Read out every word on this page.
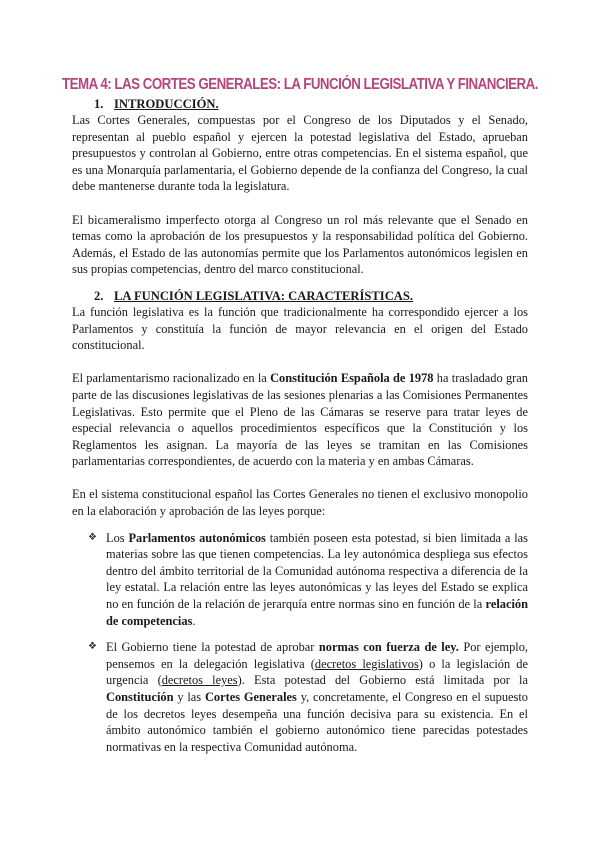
TEMA 4: LAS CORTES GENERALES: LA FUNCIÓN LEGISLATIVA Y FINANCIERA.
1. INTRODUCCIÓN.

Las Cortes Generales, compuestas por el Congreso de los Diputados y el Senado, representan al pueblo español y ejercen la potestad legislativa del Estado, aprueban presupuestos y controlan al Gobierno, entre otras competencias. En el sistema español, que es una Monarquía parlamentaria, el Gobierno depende de la confianza del Congreso, la cual debe mantenerse durante toda la legislatura.

El bicameralismo imperfecto otorga al Congreso un rol más relevante que el Senado en temas como la aprobación de los presupuestos y la responsabilidad política del Gobierno. Además, el Estado de las autonomías permite que los Parlamentos autonómicos legislen en sus propias competencias, dentro del marco constitucional.

2. LA FUNCIÓN LEGISLATIVA: CARACTERÍSTICAS.

La función legislativa es la función que tradicionalmente ha correspondido ejercer a los Parlamentos y constituía la función de mayor relevancia en el origen del Estado constitucional.

El parlamentarismo racionalizado en la Constitución Española de 1978 ha trasladado gran parte de las discusiones legislativas de las sesiones plenarias a las Comisiones Permanentes Legislativas. Esto permite que el Pleno de las Cámaras se reserve para tratar leyes de especial relevancia o aquellos procedimientos específicos que la Constitución y los Reglamentos les asignan. La mayoría de las leyes se tramitan en las Comisiones parlamentarias correspondientes, de acuerdo con la materia y en ambas Cámaras.

En el sistema constitucional español las Cortes Generales no tienen el exclusivo monopolio en la elaboración y aprobación de las leyes porque:

❖ Los Parlamentos autonómicos también poseen esta potestad, si bien limitada a las materias sobre las que tienen competencias. La ley autonómica despliega sus efectos dentro del ámbito territorial de la Comunidad autónoma respectiva a diferencia de la ley estatal. La relación entre las leyes autonómicas y las leyes del Estado se explica no en función de la relación de jerarquía entre normas sino en función de la relación de competencias.
❖ El Gobierno tiene la potestad de aprobar normas con fuerza de ley. Por ejemplo, pensemos en la delegación legislativa (decretos legislativos) o la legislación de urgencia (decretos leyes). Esta potestad del Gobierno está limitada por la Constitución y las Cortes Generales y, concretamente, el Congreso en el supuesto de los decretos leyes desempeña una función decisiva para su existencia. En el ámbito autonómico también el gobierno autonómico tiene parecidas potestades normativas en la respectiva Comunidad autónoma.
